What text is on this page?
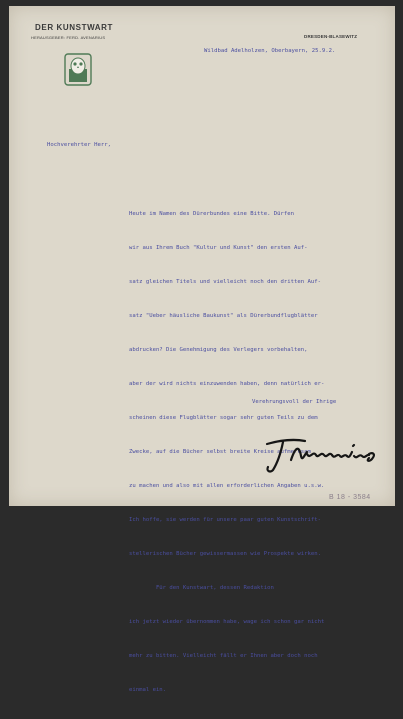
DER KUNSTWART
HERAUSGEBER: FERD. AVENARIUS	DRESDEN-BLASEWITZ
Wildbad Adelholzen, Oberbayern, 25.9.2.
Hochverehrter Herr,

Heute im Namen des Dürerbundes eine Bitte. Dürfen

wir aus Ihrem Buch "Kultur und Kunst" den ersten Auf-

satz gleichen Titels und vielleicht noch den dritten Auf-

satz "Ueber häusliche Baukunst" als Dürerbundflugblätter

abdrucken? Die Genehmigung des Verlegers vorbehalten,

aber der wird nichts einzuwenden haben, denn natürlich er-

scheinen diese Flugblätter sogar sehr guten Teils zu dem

Zwecke, auf die Bücher selbst breite Kreise aufmerksam

zu machen und also mit allen erforderlichen Angaben u.s.w.

Ich hoffe, sie werden für unsere paar guten Kunstschrift-

stellerischen Bücher gewissermassen wie Prospekte wirken.

Für den Kunstwart, dessen Redaktion

ich jetzt wieder übernommen habe, wage ich schon gar nicht

mehr zu bitten. Vielleicht fällt er Ihnen aber doch noch

einmal ein.

Verehrungsvoll der Ihrige
B 18 - 3584
